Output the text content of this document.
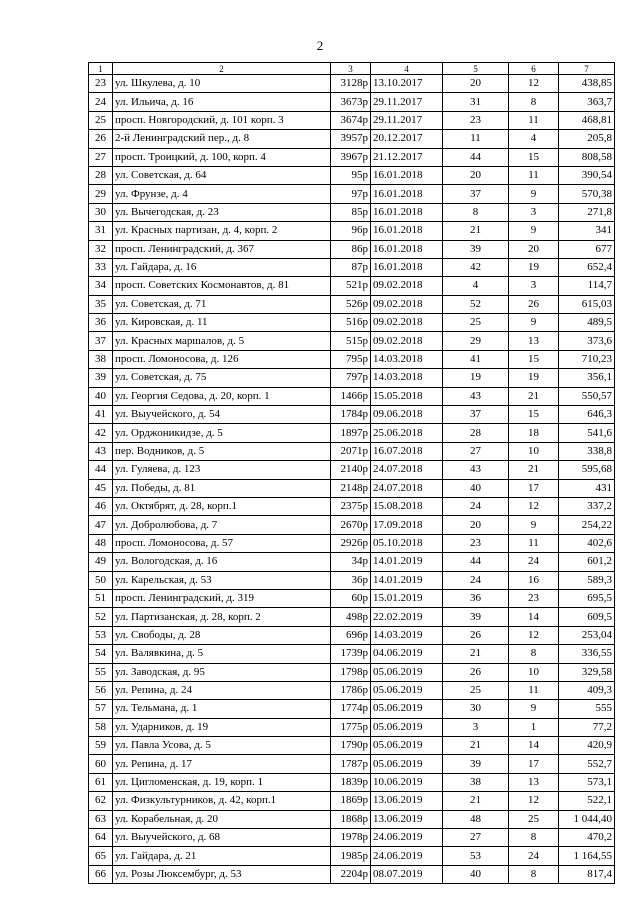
2
1	2	3	4	5	6	7
23	ул. Шкулева, д. 10	3128р	13.10.2017	20	12	438,85
24	ул. Ильича, д. 16	3673р	29.11.2017	31	8	363,7
25	просп. Новгородский, д. 101 корп. 3	3674р	29.11.2017	23	11	468,81
26	2-й Ленинградский пер., д. 8	3957р	20.12.2017	11	4	205,8
27	просп. Троицкий, д. 100, корп. 4	3967р	21.12.2017	44	15	808,58
28	ул. Советская, д. 64	95р	16.01.2018	20	11	390,54
29	ул. Фрунзе, д. 4	97р	16.01.2018	37	9	570,38
30	ул. Вычегодская, д. 23	85р	16.01.2018	8	3	271,8
31	ул. Красных партизан, д. 4, корп. 2	96р	16.01.2018	21	9	341
32	просп. Ленинградский, д. 367	86р	16.01.2018	39	20	677
33	ул. Гайдара, д. 16	87р	16.01.2018	42	19	652,4
34	просп. Советских Космонавтов, д. 81	521р	09.02.2018	4	3	114,7
35	ул. Советская, д. 71	526р	09.02.2018	52	26	615,03
36	ул. Кировская, д. 11	516р	09.02.2018	25	9	489,5
37	ул. Красных маршалов, д. 5	515р	09.02.2018	29	13	373,6
38	просп. Ломоносова, д. 126	795р	14.03.2018	41	15	710,23
39	ул. Советская, д. 75	797р	14.03.2018	19	19	356,1
40	ул. Георгия Седова, д. 20, корп. 1	1466р	15.05.2018	43	21	550,57
41	ул. Выучейского, д. 54	1784р	09.06.2018	37	15	646,3
42	ул. Орджоникидзе, д. 5	1897р	25.06.2018	28	18	541,6
43	пер. Водников, д. 5	2071р	16.07.2018	27	10	338,8
44	ул. Гуляева, д. 123	2140р	24.07.2018	43	21	595,68
45	ул. Победы, д. 81	2148р	24.07.2018	40	17	431
46	ул. Октябрят, д. 28, корп.1	2375р	15.08.2018	24	12	337,2
47	ул. Добролюбова, д. 7	2670р	17.09.2018	20	9	254,22
48	просп. Ломоносова, д. 57	2926р	05.10.2018	23	11	402,6
49	ул. Вологодская, д. 16	34р	14.01.2019	44	24	601,2
50	ул. Карельская, д. 53	36р	14.01.2019	24	16	589,3
51	просп. Ленинградский, д. 319	60р	15.01.2019	36	23	695,5
52	ул. Партизанская, д. 28, корп. 2	498р	22.02.2019	39	14	609,5
53	ул. Свободы, д. 28	696р	14.03.2019	26	12	253,04
54	ул. Валявкина, д. 5	1739р	04.06.2019	21	8	336,55
55	ул. Заводская, д. 95	1798р	05.06.2019	26	10	329,58
56	ул. Репина, д. 24	1786р	05.06.2019	25	11	409,3
57	ул. Тельмана, д. 1	1774р	05.06.2019	30	9	555
58	ул. Ударников, д. 19	1775р	05.06.2019	3	1	77,2
59	ул. Павла Усова, д. 5	1790р	05.06.2019	21	14	420,9
60	ул. Репина, д. 17	1787р	05.06.2019	39	17	552,7
61	ул. Цигломенская, д. 19, корп. 1	1839р	10.06.2019	38	13	573,1
62	ул. Физкультурников, д. 42, корп.1	1869р	13.06.2019	21	12	522,1
63	ул. Корабельная, д. 20	1868р	13.06.2019	48	25	1 044,40
64	ул. Выучейского, д. 68	1978р	24.06.2019	27	8	470,2
65	ул. Гайдара, д. 21	1985р	24.06.2019	53	24	1 164,55
66	ул. Розы Люксембург, д. 53	2204р	08.07.2019	40	8	817,4
